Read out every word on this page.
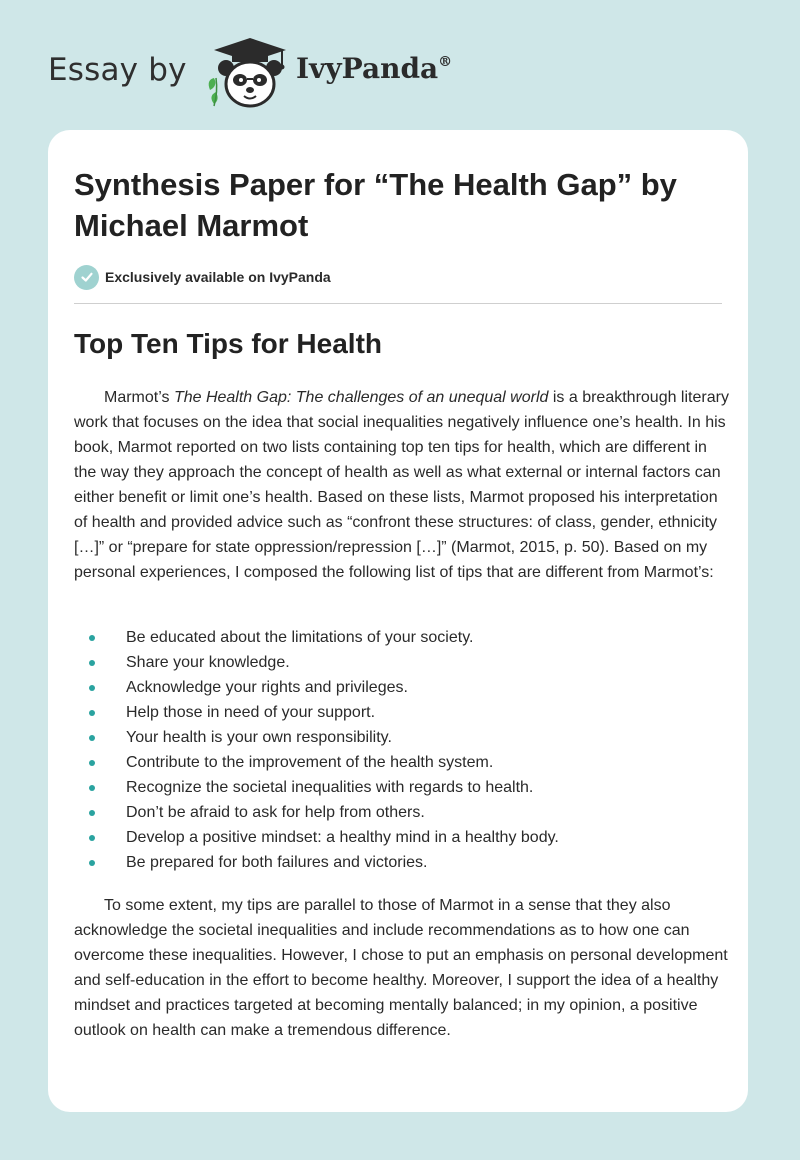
Essay by	IvyPanda®
Synthesis Paper for “The Health Gap” by Michael Marmot
Exclusively available on IvyPanda
Top Ten Tips for Health

Marmot’s The Health Gap: The challenges of an unequal world is a breakthrough literary work that focuses on the idea that social inequalities negatively influence one’s health. In his book, Marmot reported on two lists containing top ten tips for health, which are different in the way they approach the concept of health as well as what external or internal factors can either benefit or limit one’s health. Based on these lists, Marmot proposed his interpretation of health and provided advice such as “confront these structures: of class, gender, ethnicity […]” or “prepare for state oppression/repression […]” (Marmot, 2015, p. 50). Based on my personal experiences, I composed the following list of tips that are different from Marmot’s:

Be educated about the limitations of your society.
Share your knowledge.
Acknowledge your rights and privileges.
Help those in need of your support.
Your health is your own responsibility.
Contribute to the improvement of the health system.
Recognize the societal inequalities with regards to health.
Don’t be afraid to ask for help from others.
Develop a positive mindset: a healthy mind in a healthy body.
Be prepared for both failures and victories.

To some extent, my tips are parallel to those of Marmot in a sense that they also acknowledge the societal inequalities and include recommendations as to how one can overcome these inequalities. However, I chose to put an emphasis on personal development and self-education in the effort to become healthy. Moreover, I support the idea of a healthy mindset and practices targeted at becoming mentally balanced; in my opinion, a positive outlook on health can make a tremendous difference.
